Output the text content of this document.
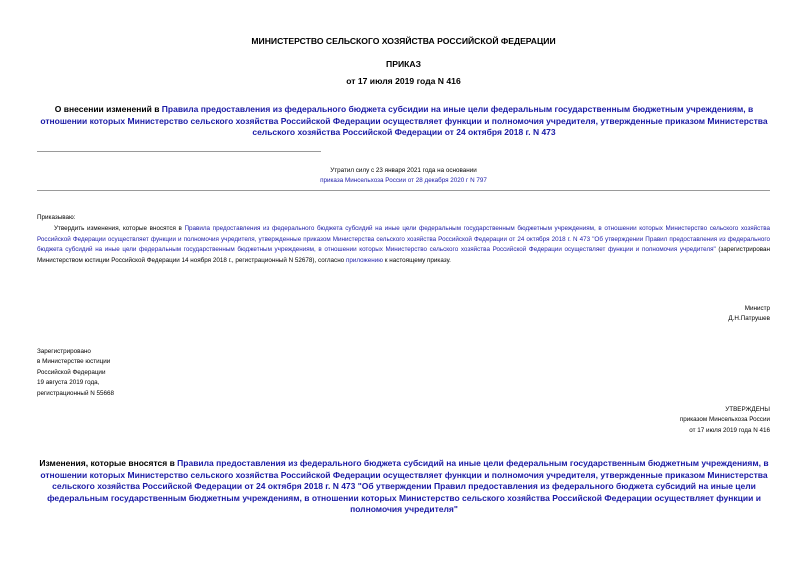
МИНИСТЕРСТВО СЕЛЬСКОГО ХОЗЯЙСТВА РОССИЙСКОЙ ФЕДЕРАЦИИ
ПРИКАЗ
от 17 июля 2019 года N 416
О внесении изменений в Правила предоставления из федерального бюджета субсидии на иные цели федеральным государственным бюджетным учреждениям, в отношении которых Министерство сельского хозяйства Российской Федерации осуществляет функции и полномочия учредителя, утвержденные приказом Министерства сельского хозяйства Российской Федерации от 24 октября 2018 г. N 473
Утратил силу с 23 января 2021 года на основании
приказа Минсельхоза России от 28 декабря 2020 г N 797
Приказываю:
Утвердить изменения, которые вносятся в Правила предоставления из федерального бюджета субсидий на иные цели федеральным государственным бюджетным учреждениям, в отношении которых Министерство сельского хозяйства Российской Федерации осуществляет функции и полномочия учредителя, утвержденные приказом Министерства сельского хозяйства Российской Федерации от 24 октября 2018 г. N 473 "Об утверждении Правил предоставления из федерального бюджета субсидий на иные цели федеральным государственным бюджетным учреждениям, в отношении которых Министерство сельского хозяйства Российской Федерации осуществляет функции и полномочия учредителя" (зарегистрирован Министерством юстиции Российской Федерации 14 ноября 2018 г., регистрационный N 52678), согласно приложению к настоящему приказу.
Министр
Д.Н.Патрушев
Зарегистрировано
в Министерстве юстиции
Российской Федерации
19 августа 2019 года,
регистрационный N 55668
УТВЕРЖДЕНЫ
приказом Минсельхоза России
от 17 июля 2019 года N 416
Изменения, которые вносятся в Правила предоставления из федерального бюджета субсидий на иные цели федеральным государственным бюджетным учреждениям, в отношении которых Министерство сельского хозяйства Российской Федерации осуществляет функции и полномочия учредителя, утвержденные приказом Министерства сельского хозяйства Российской Федерации от 24 октября 2018 г. N 473 "Об утверждении Правил предоставления из федерального бюджета субсидий на иные цели федеральным государственным бюджетным учреждениям, в отношении которых Министерство сельского хозяйства Российской Федерации осуществляет функции и полномочия учредителя"
